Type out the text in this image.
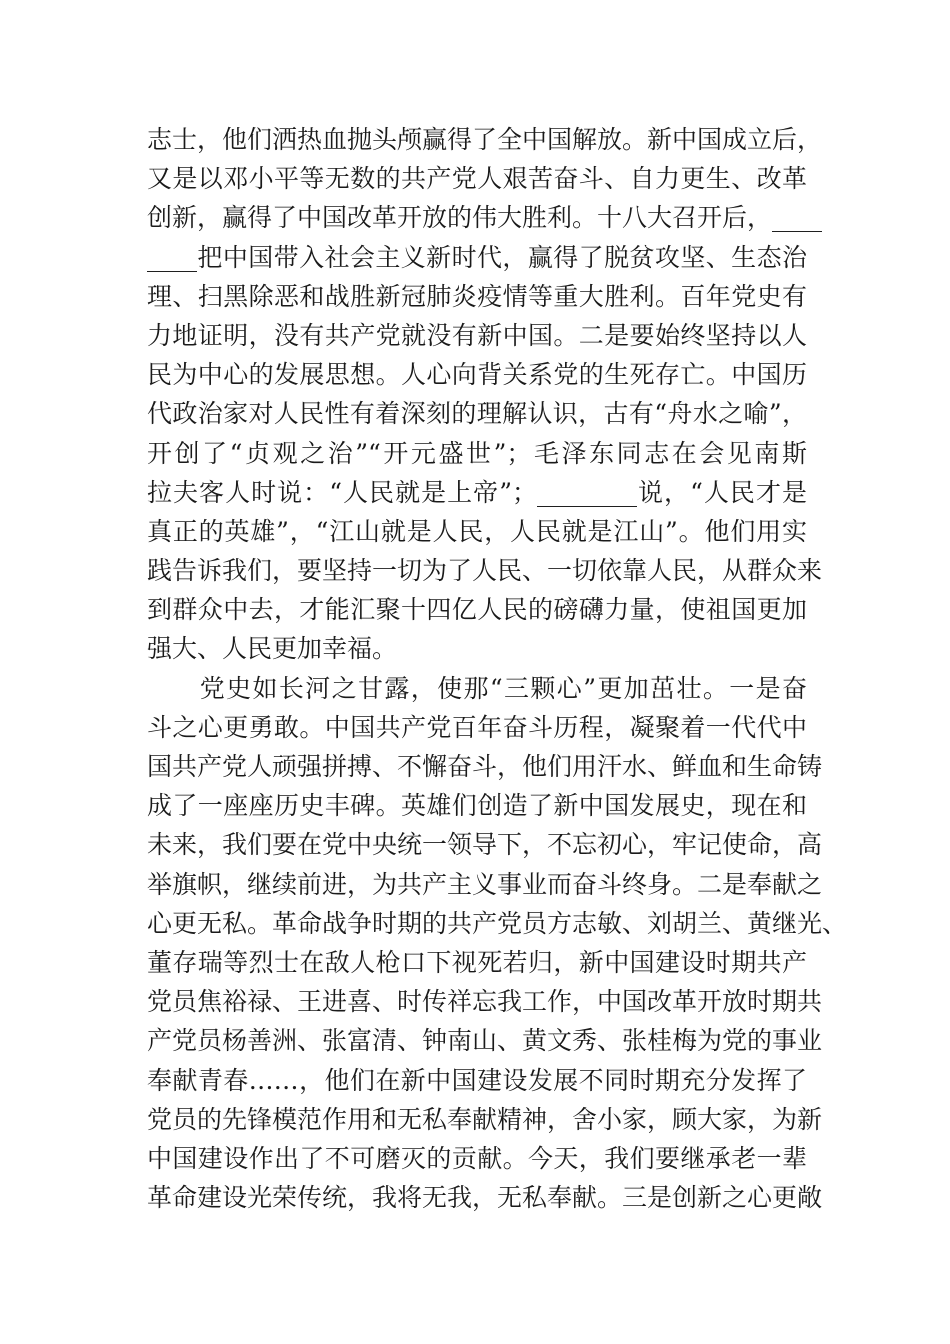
志士，他们洒热血抛头颅赢得了全中国解放。新中国成立后，
又是以邓小平等无数的共产党人艰苦奋斗、自力更生、改革
创新，赢得了中国改革开放的伟大胜利。十八大召开后，____
____把中国带入社会主义新时代，赢得了脱贫攻坚、生态治
理、扫黑除恶和战胜新冠肺炎疫情等重大胜利。百年党史有
力地证明，没有共产党就没有新中国。二是要始终坚持以人
民为中心的发展思想。人心向背关系党的生死存亡。中国历
代政治家对人民性有着深刻的理解认识，古有“舟水之喻”，
开创了“贞观之治”“开元盛世”；毛泽东同志在会见南斯
拉夫客人时说：“人民就是上帝”；________说，“人民才是
真正的英雄”，“江山就是人民，人民就是江山”。他们用实
践告诉我们，要坚持一切为了人民、一切依靠人民，从群众来
到群众中去，才能汇聚十四亿人民的磅礴力量，使祖国更加
强大、人民更加幸福。
　　党史如长河之甘露，使那“三颗心”更加茁壮。一是奋
斗之心更勇敢。中国共产党百年奋斗历程，凝聚着一代代中
国共产党人顽强拼搏、不懈奋斗，他们用汗水、鲜血和生命铸
成了一座座历史丰碑。英雄们创造了新中国发展史，现在和
未来，我们要在党中央统一领导下，不忘初心，牢记使命，高
举旗帜，继续前进，为共产主义事业而奋斗终身。二是奉献之
心更无私。革命战争时期的共产党员方志敏、刘胡兰、黄继光、
董存瑞等烈士在敌人枪口下视死若归，新中国建设时期共产
党员焦裕禄、王进喜、时传祥忘我工作，中国改革开放时期共
产党员杨善洲、张富清、钟南山、黄文秀、张桂梅为党的事业
奉献青春……，他们在新中国建设发展不同时期充分发挥了
党员的先锋模范作用和无私奉献精神，舍小家，顾大家，为新
中国建设作出了不可磨灭的贡献。今天，我们要继承老一辈
革命建设光荣传统，我将无我，无私奉献。三是创新之心更敞
